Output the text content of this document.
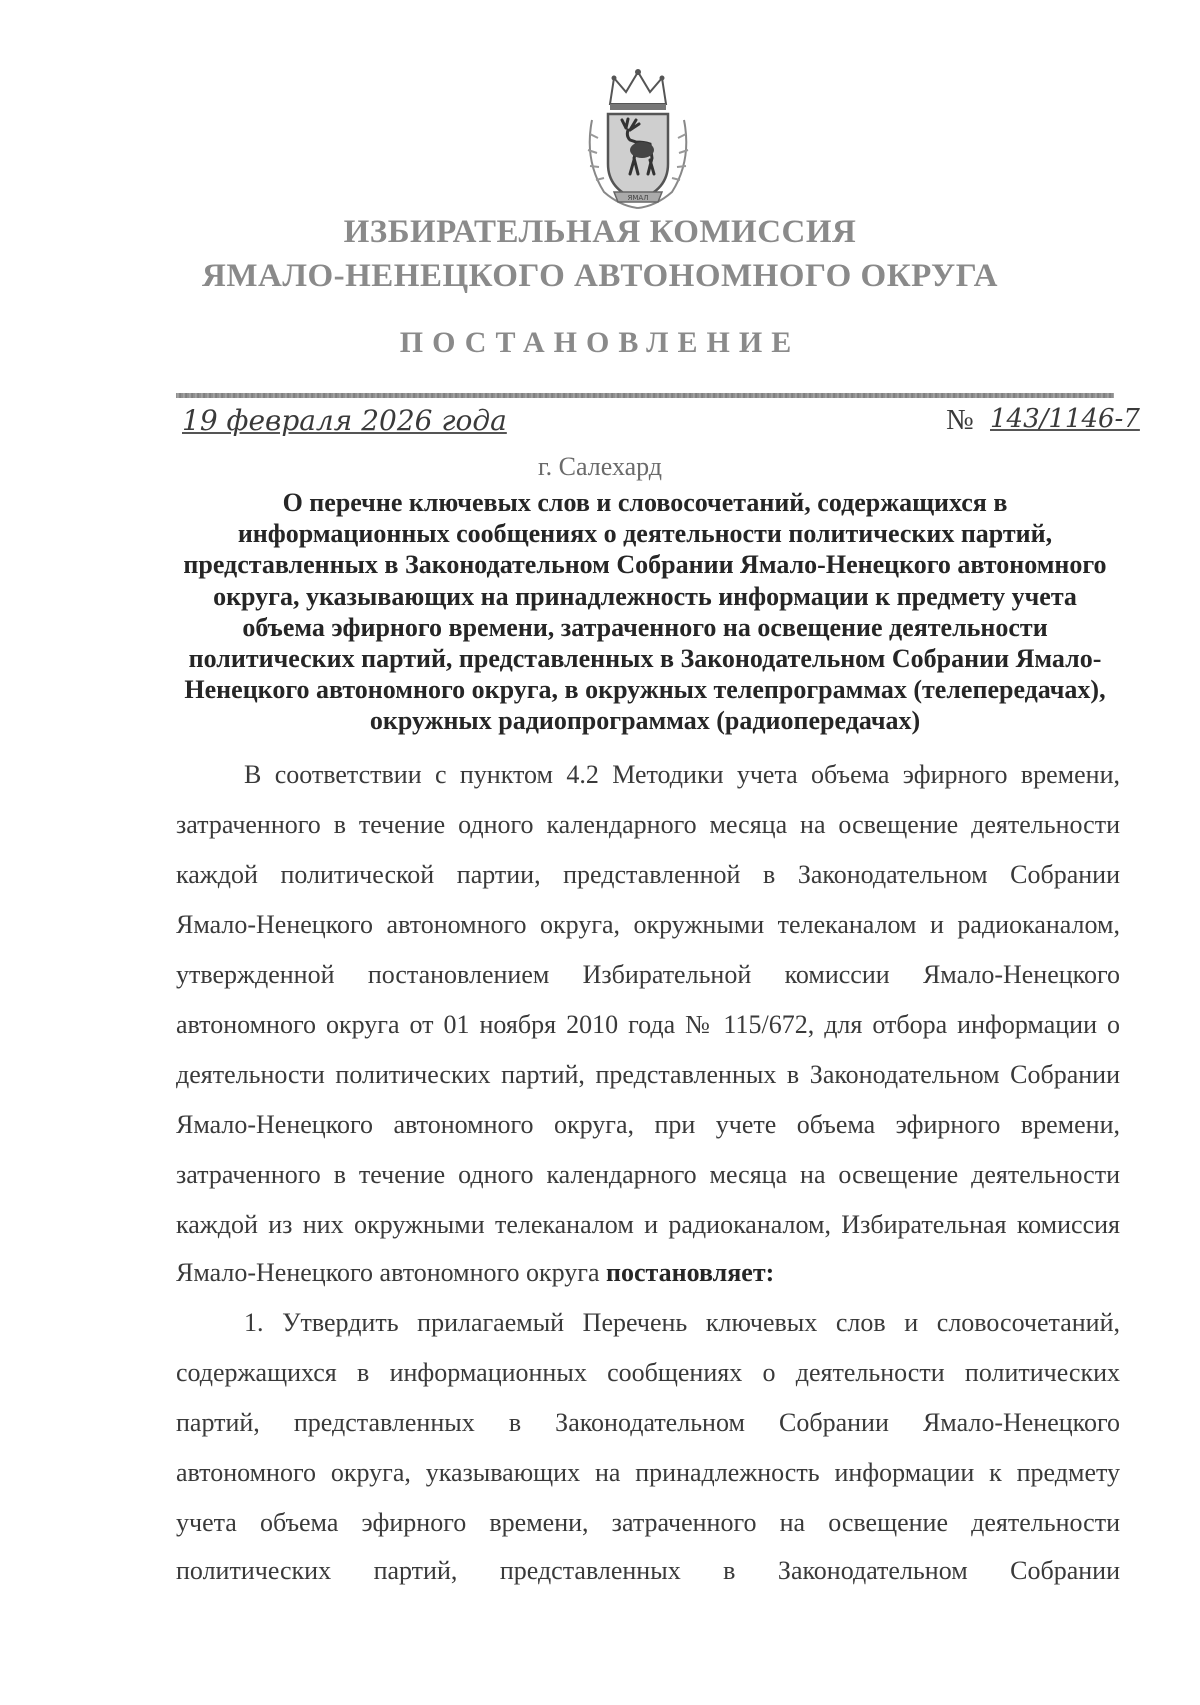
ЯМАЛ
ИЗБИРАТЕЛЬНАЯ КОМИССИЯ
ЯМАЛО-НЕНЕЦКОГО АВТОНОМНОГО ОКРУГА
ПОСТАНОВЛЕНИЕ
19 февраля 2026 года	№ 143/1146-7
г. Салехард
О перечне ключевых слов и словосочетаний, содержащихся в
информационных сообщениях о деятельности политических партий,
представленных в Законодательном Собрании Ямало-Ненецкого автономного
округа, указывающих на принадлежность информации к предмету учета
объема эфирного времени, затраченного на освещение деятельности
политических партий, представленных в Законодательном Собрании Ямало-
Ненецкого автономного округа, в окружных телепрограммах (телепередачах),
окружных радиопрограммах (радиопередачах)
В соответствии с пунктом 4.2 Методики учета объема эфирного времени,
затраченного в течение одного календарного месяца на освещение деятельности
каждой политической партии, представленной в Законодательном Собрании
Ямало-Ненецкого автономного округа, окружными телеканалом и радиоканалом,
утвержденной постановлением Избирательной комиссии Ямало-Ненецкого
автономного округа от 01 ноября 2010 года № 115/672, для отбора информации о
деятельности политических партий, представленных в Законодательном Собрании
Ямало-Ненецкого автономного округа, при учете объема эфирного времени,
затраченного в течение одного календарного месяца на освещение деятельности
каждой из них окружными телеканалом и радиоканалом, Избирательная комиссия
Ямало-Ненецкого автономного округа постановляет:
1. Утвердить прилагаемый Перечень ключевых слов и словосочетаний,
содержащихся в информационных сообщениях о деятельности политических
партий, представленных в Законодательном Собрании Ямало-Ненецкого
автономного округа, указывающих на принадлежность информации к предмету
учета объема эфирного времени, затраченного на освещение деятельности
политических партий, представленных в Законодательном Собрании
